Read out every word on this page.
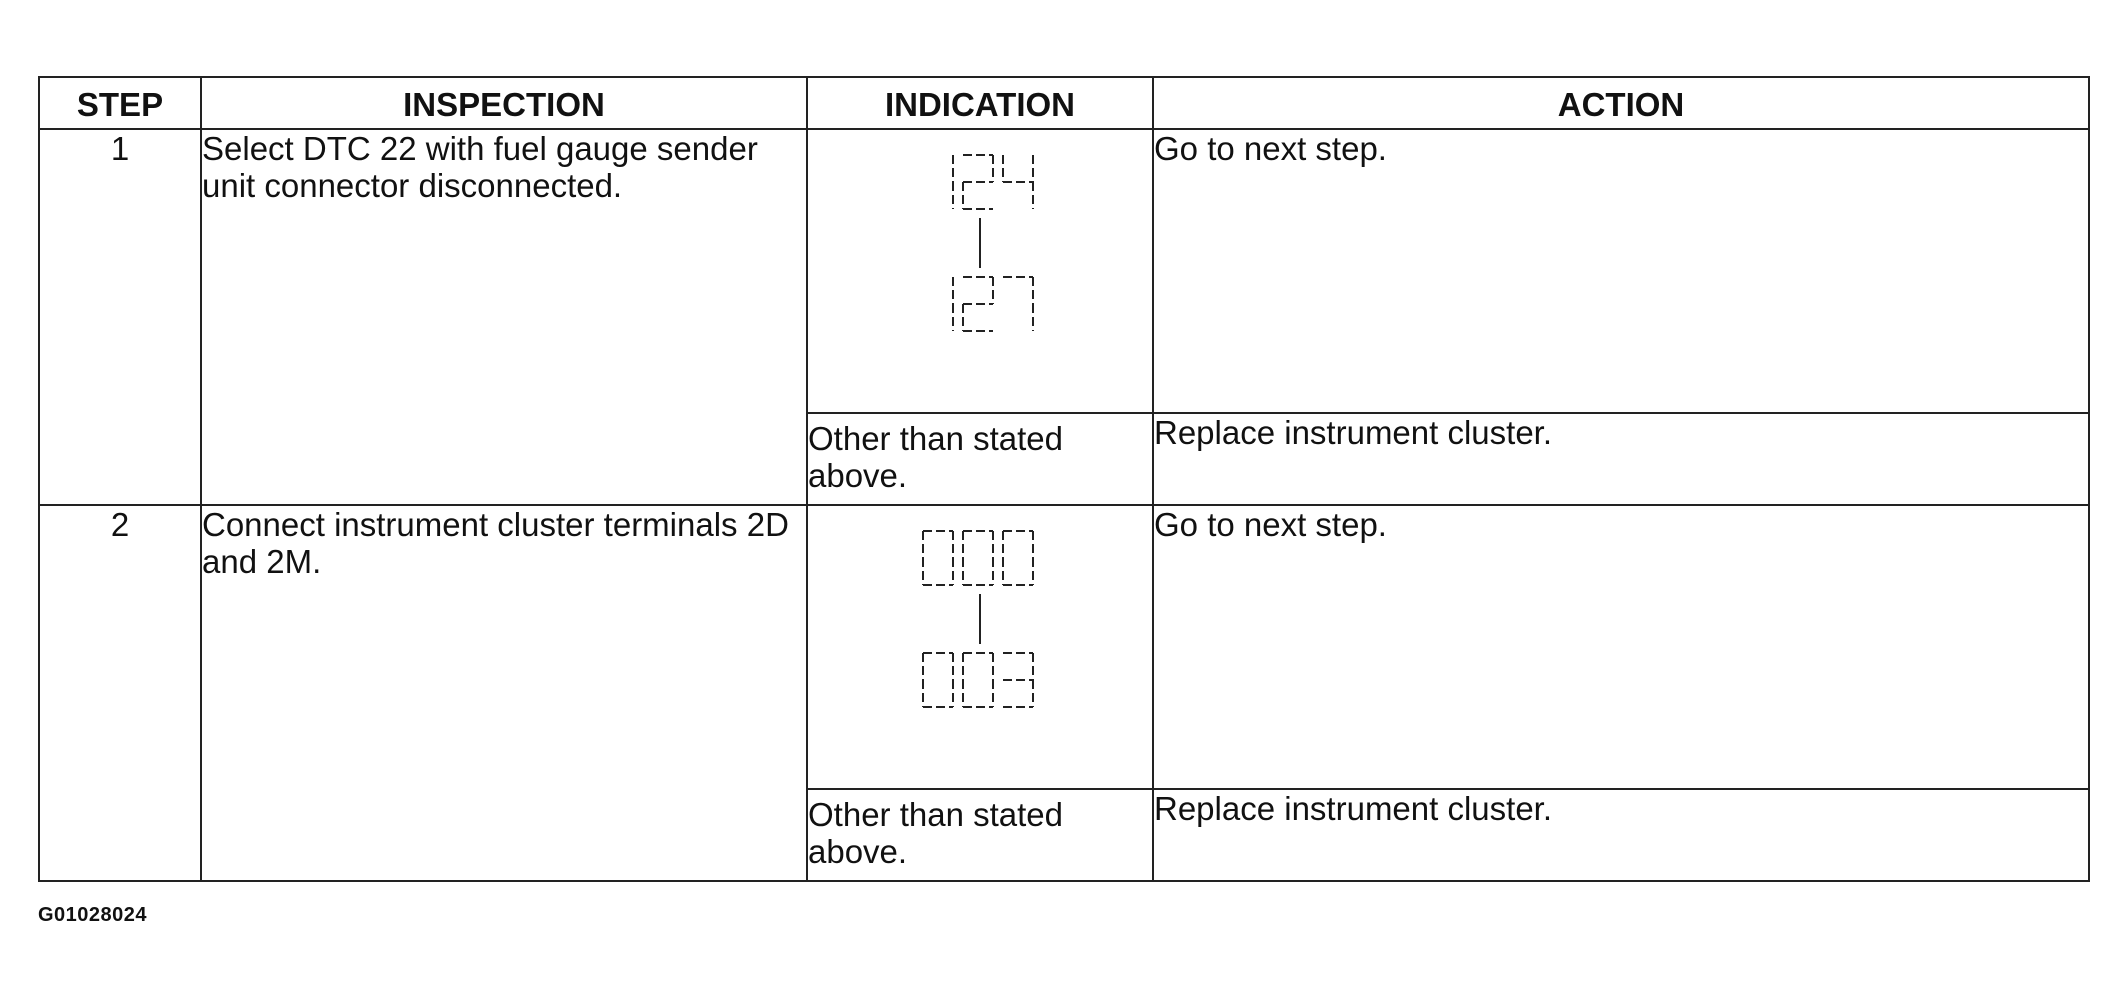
STEP	INSPECTION	INDICATION	ACTION
1	Select DTC 22 with fuel gauge sender unit connector disconnected.		Go to next step.
		Other than stated above.	Replace instrument cluster.
2	Connect instrument cluster terminals 2D and 2M.		Go to next step.
		Other than stated above.	Replace instrument cluster.
G01028024
